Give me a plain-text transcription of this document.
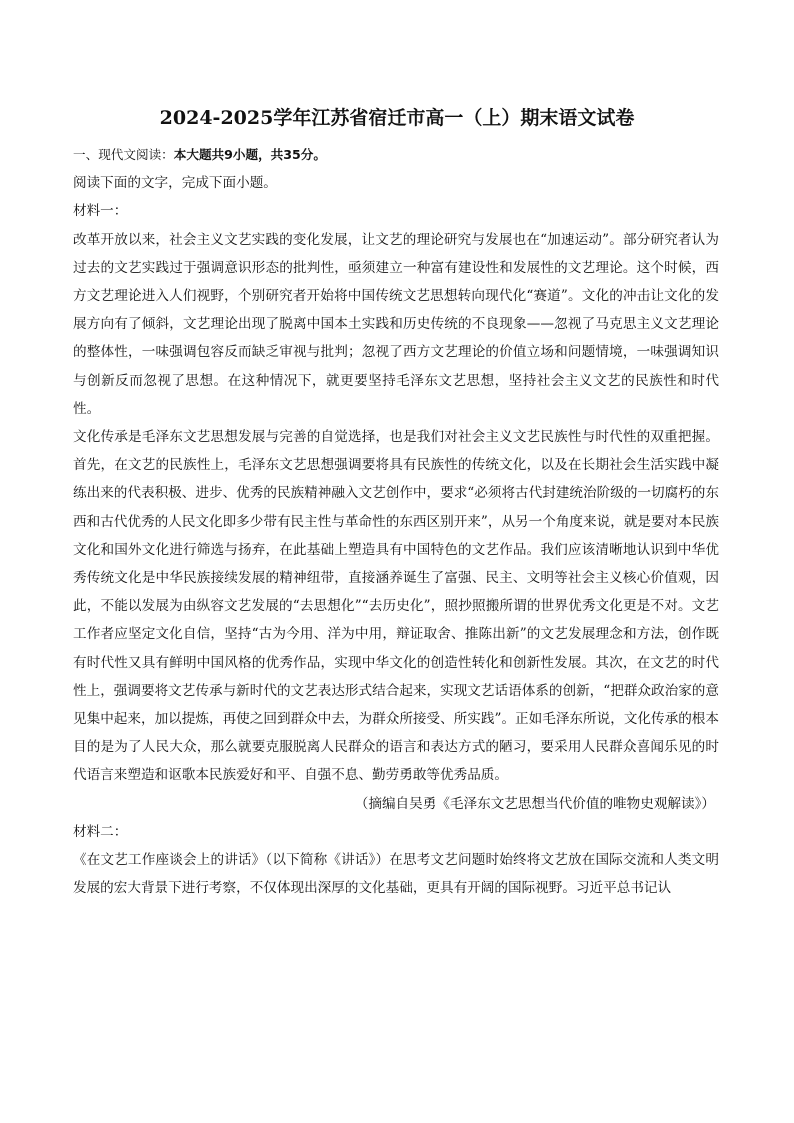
2024-2025学年江苏省宿迁市高一（上）期末语文试卷
一、现代文阅读：本大题共9小题，共35分。
阅读下面的文字，完成下面小题。
材料一：

改革开放以来，社会主义文艺实践的变化发展，让文艺的理论研究与发展也在“加速运动”。部分研究者认为过去的文艺实践过于强调意识形态的批判性，亟须建立一种富有建设性和发展性的文艺理论。这个时候，西方文艺理论进入人们视野，个别研究者开始将中国传统文艺思想转向现代化“赛道”。文化的冲击让文化的发展方向有了倾斜，文艺理论出现了脱离中国本土实践和历史传统的不良现象——忽视了马克思主义文艺理论的整体性，一味强调包容反而缺乏审视与批判；忽视了西方文艺理论的价值立场和问题情境，一味强调知识与创新反而忽视了思想。在这种情况下，就更要坚持毛泽东文艺思想，坚持社会主义文艺的民族性和时代性。

文化传承是毛泽东文艺思想发展与完善的自觉选择，也是我们对社会主义文艺民族性与时代性的双重把握。首先，在文艺的民族性上，毛泽东文艺思想强调要将具有民族性的传统文化，以及在长期社会生活实践中凝练出来的代表积极、进步、优秀的民族精神融入文艺创作中，要求“必须将古代封建统治阶级的一切腐朽的东西和古代优秀的人民文化即多少带有民主性与革命性的东西区别开来”，从另一个角度来说，就是要对本民族文化和国外文化进行筛选与扬弃，在此基础上塑造具有中国特色的文艺作品。我们应该清晰地认识到中华优秀传统文化是中华民族接续发展的精神纽带，直接涵养诞生了富强、民主、文明等社会主义核心价值观，因此，不能以发展为由纵容文艺发展的“去思想化”“去历史化”，照抄照搬所谓的世界优秀文化更是不对。文艺工作者应坚定文化自信，坚持“古为今用、洋为中用，辩证取舍、推陈出新”的文艺发展理念和方法，创作既有时代性又具有鲜明中国风格的优秀作品，实现中华文化的创造性转化和创新性发展。其次，在文艺的时代性上，强调要将文艺传承与新时代的文艺表达形式结合起来，实现文艺话语体系的创新，“把群众政治家的意见集中起来，加以提炼，再使之回到群众中去，为群众所接受、所实践”。正如毛泽东所说，文化传承的根本目的是为了人民大众，那么就要克服脱离人民群众的语言和表达方式的陋习，要采用人民群众喜闻乐见的时代语言来塑造和讴歌本民族爱好和平、自强不息、勤劳勇敢等优秀品质。

（摘编自吴勇《毛泽东文艺思想当代价值的唯物史观解读》）
材料二：

《在文艺工作座谈会上的讲话》（以下简称《讲话》）在思考文艺问题时始终将文艺放在国际交流和人类文明发展的宏大背景下进行考察，不仅体现出深厚的文化基础，更具有开阔的国际视野。习近平总书记认
